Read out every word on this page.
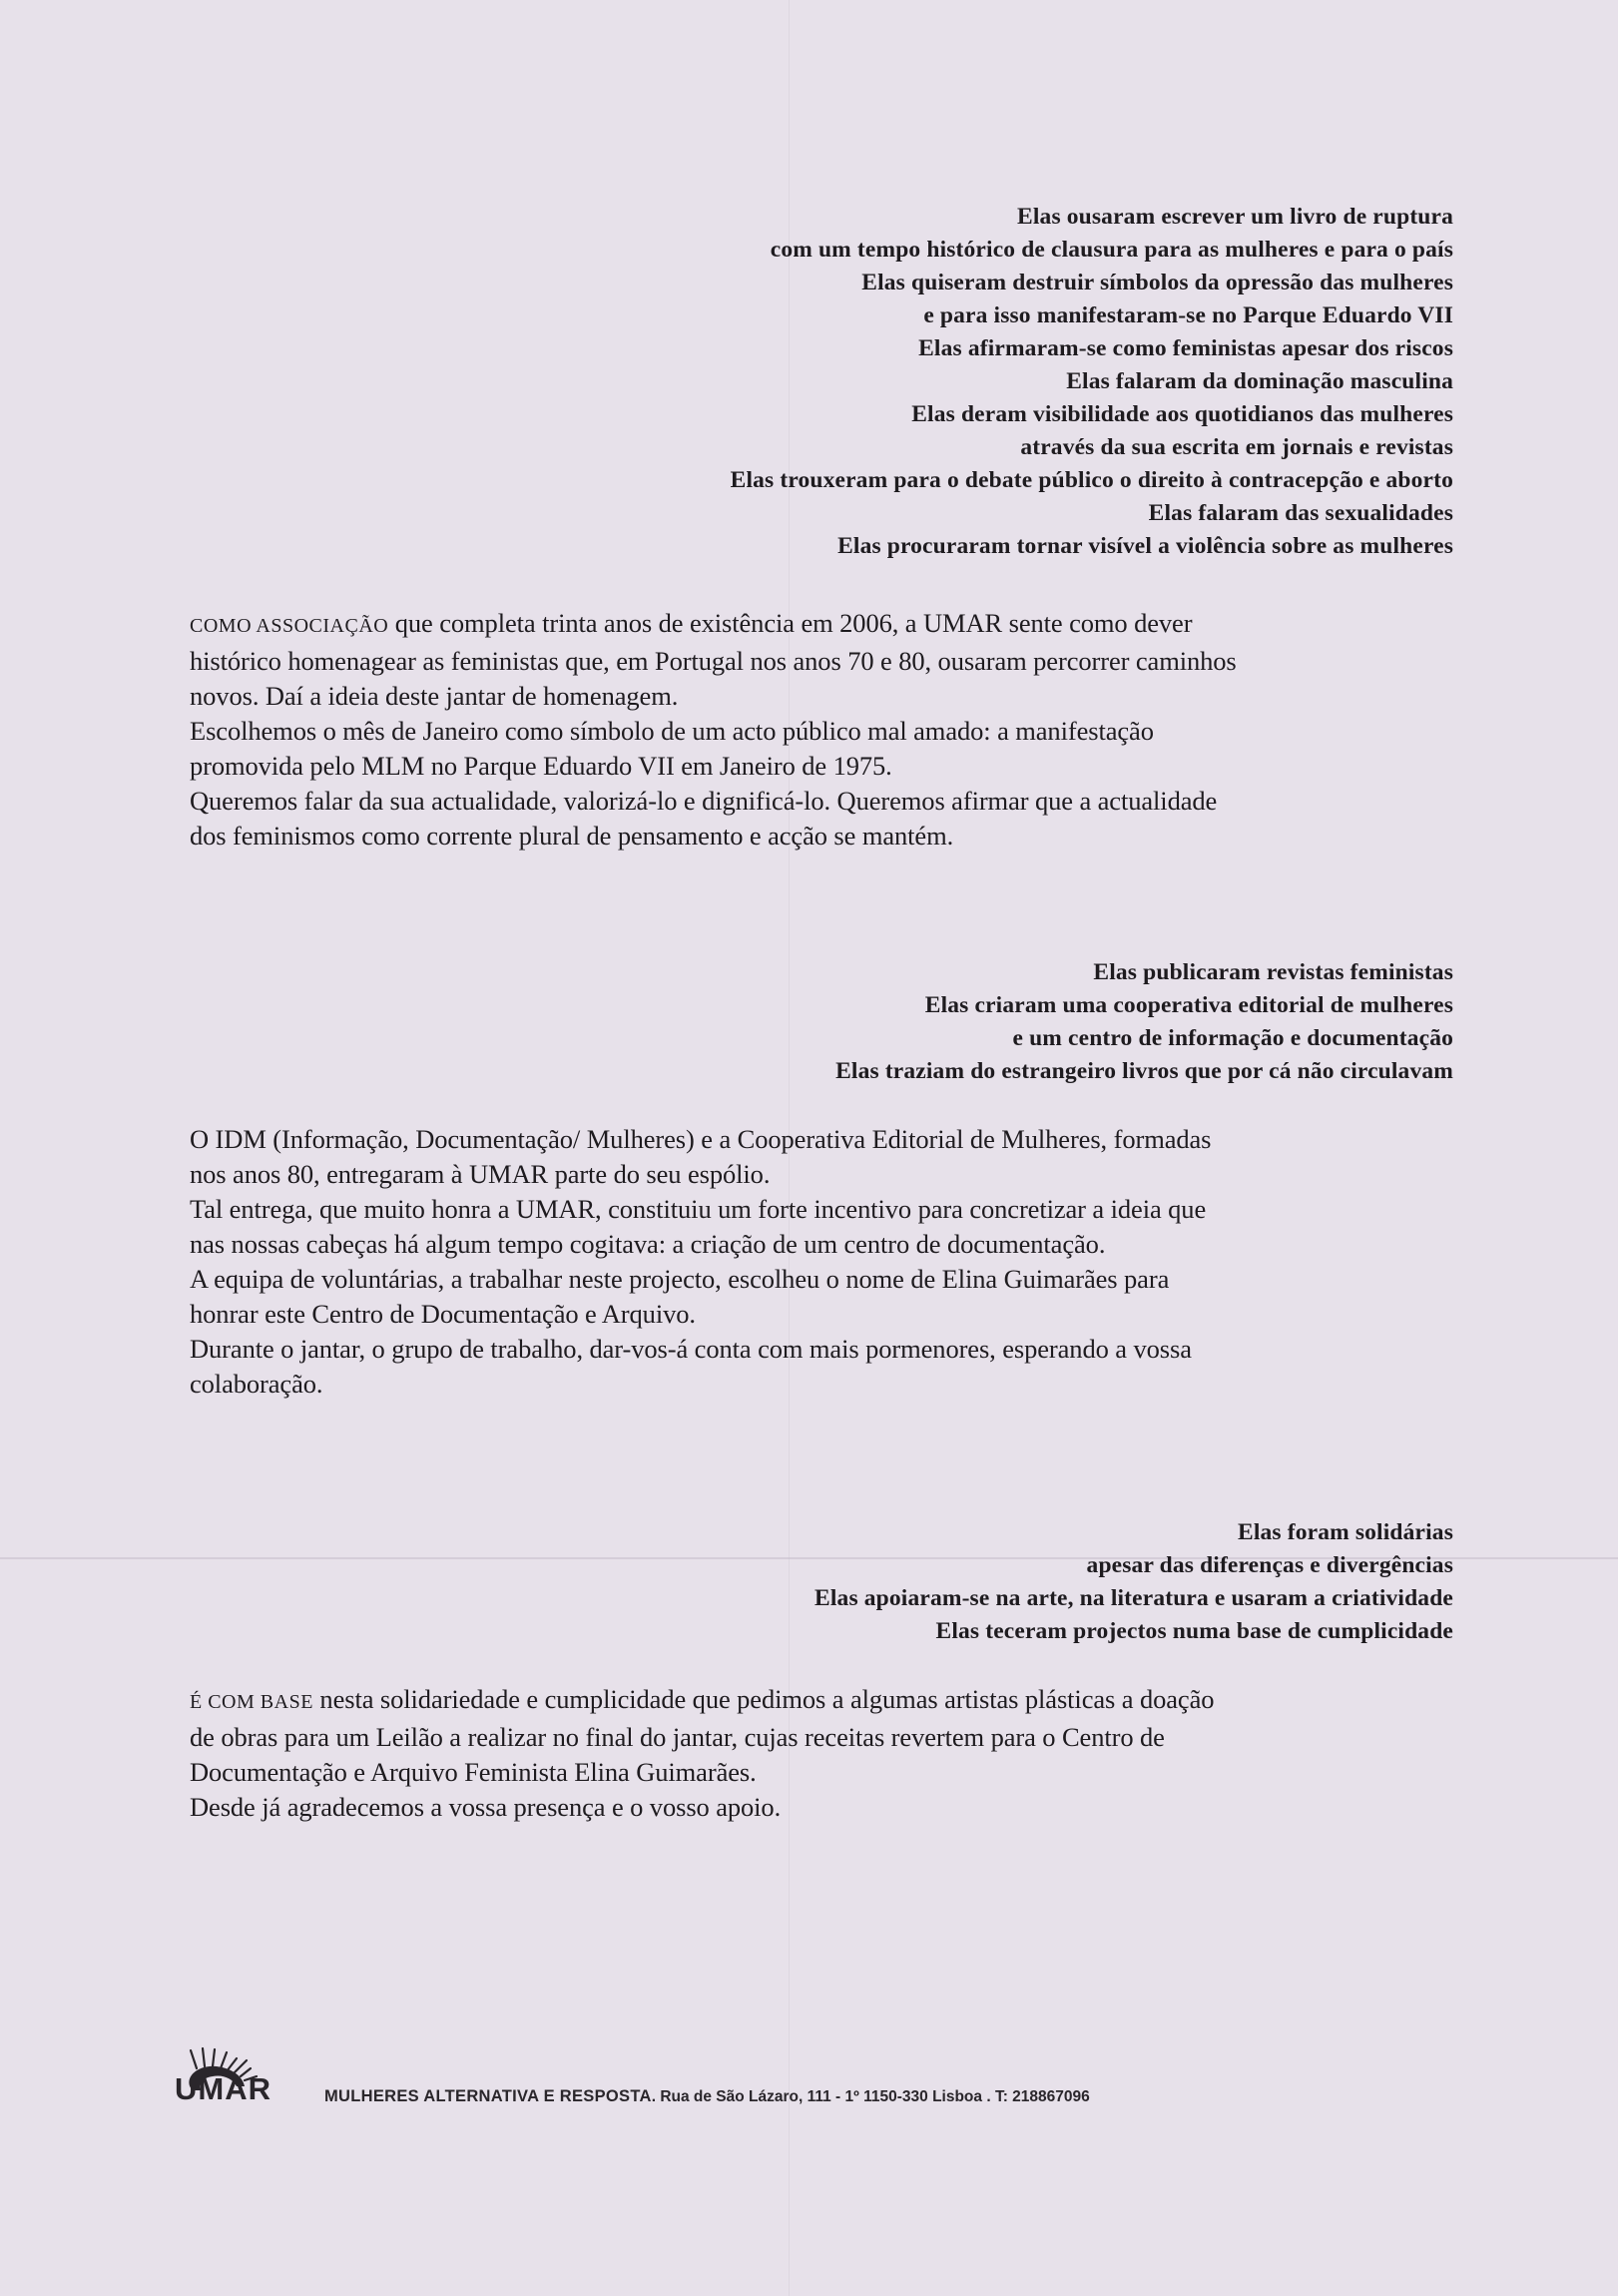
Elas ousaram escrever um livro de ruptura
com um tempo histórico de clausura para as mulheres e para o país
Elas quiseram destruir símbolos da opressão das mulheres
e para isso manifestaram-se no Parque Eduardo VII
Elas afirmaram-se como feministas apesar dos riscos
Elas falaram da dominação masculina
Elas deram visibilidade aos quotidianos das mulheres
através da sua escrita em jornais e revistas
Elas trouxeram para o debate público o direito à contracepção e aborto
Elas falaram das sexualidades
Elas procuraram tornar visível a violência sobre as mulheres
COMO ASSOCIAÇÃO que completa trinta anos de existência em 2006, a UMAR sente como dever
histórico homenagear as feministas que, em Portugal nos anos 70 e 80, ousaram percorrer caminhos
novos. Daí a ideia deste jantar de homenagem.
Escolhemos o mês de Janeiro como símbolo de um acto público mal amado: a manifestação
promovida pelo MLM no Parque Eduardo VII em Janeiro de 1975.
Queremos falar da sua actualidade, valorizá-lo e dignificá-lo. Queremos afirmar que a actualidade
dos feminismos como corrente plural de pensamento e acção se mantém.
Elas publicaram revistas feministas
Elas criaram uma cooperativa editorial de mulheres
e um centro de informação e documentação
Elas traziam do estrangeiro livros que por cá não circulavam
O IDM (Informação, Documentação/ Mulheres) e a Cooperativa Editorial de Mulheres, formadas
nos anos 80, entregaram à UMAR parte do seu espólio.
Tal entrega, que muito honra a UMAR, constituiu um forte incentivo para concretizar a ideia que
nas nossas cabeças há algum tempo cogitava: a criação de um centro de documentação.
A equipa de voluntárias, a trabalhar neste projecto, escolheu o nome de Elina Guimarães para
honrar este Centro de Documentação e Arquivo.
Durante o jantar, o grupo de trabalho, dar-vos-á conta com mais pormenores, esperando a vossa
colaboração.
Elas foram solidárias
apesar das diferenças e divergências
Elas apoiaram-se na arte, na literatura e usaram a criatividade
Elas teceram projectos numa base de cumplicidade
É COM BASE nesta solidariedade e cumplicidade que pedimos a algumas artistas plásticas a doação
de obras para um Leilão a realizar no final do jantar, cujas receitas revertem para o Centro de
Documentação e Arquivo Feminista Elina Guimarães.
Desde já agradecemos a vossa presença e o vosso apoio.
UMAR	MULHERES ALTERNATIVA E RESPOSTA. Rua de São Lázaro, 111 - 1º 1150-330 Lisboa . T: 218867096
